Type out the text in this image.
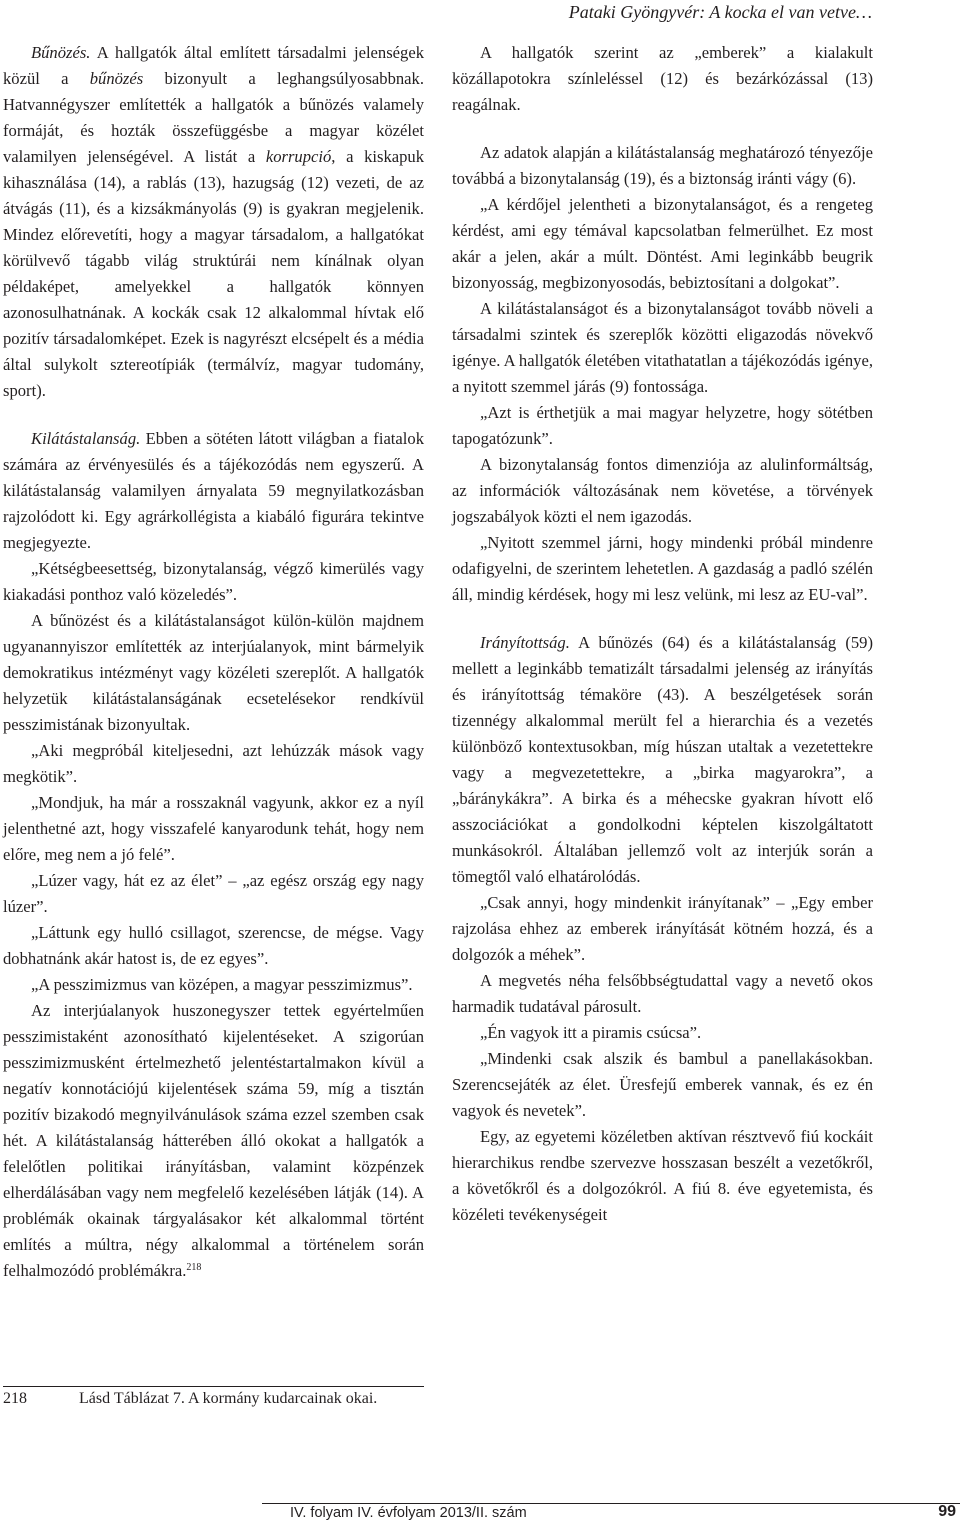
Pataki Gyöngyvér: A kocka el van vetve…

Bűnözés. A hallgatók által említett társadalmi jelenségek közül a bűnözés bizonyult a leghangsúlyosabbnak. Hatvannégyszer említették a hallgatók a bűnözés valamely formáját, és hozták összefüggésbe a magyar közélet valamilyen jelenségével. A listát a korrupció, a kiskapuk kihasználása (14), a rablás (13), hazugság (12) vezeti, de az átvágás (11), és a kizsákmányolás (9) is gyakran megjelenik. Mindez előrevetíti, hogy a magyar társadalom, a hallgatókat körülvevő tágabb világ struktúrái nem kínálnak olyan példaképet, amelyekkel a hallgatók könnyen azonosulhatnának. A kockák csak 12 alkalommal hívtak elő pozitív társadalomképet. Ezek is nagyrészt elcsépelt és a média által sulykolt sztereotípiák (termálvíz, magyar tudomány, sport).

Kilátástalanság. Ebben a sötéten látott világban a fiatalok számára az érvényesülés és a tájékozódás nem egyszerű. A kilátástalanság valamilyen árnyalata 59 megnyilatkozásban rajzolódott ki. Egy agrárkollégista a kiabáló figurára tekintve megjegyezte.

„Kétségbeesettség, bizonytalanság, végző kimerülés vagy kiakadási ponthoz való közeledés”.

A bűnözést és a kilátástalanságot külön-külön majdnem ugyanannyiszor említették az interjúalanyok, mint bármelyik demokratikus intézményt vagy közéleti szereplőt. A hallgatók helyzetük kilátástalanságának ecsetelésekor rendkívül pesszimistának bizonyultak.

„Aki megpróbál kiteljesedni, azt lehúzzák mások vagy megkötik”.

„Mondjuk, ha már a rosszaknál vagyunk, akkor ez a nyíl jelenthetné azt, hogy visszafelé kanyarodunk tehát, hogy nem előre, meg nem a jó felé”.

„Lúzer vagy, hát ez az élet” – „az egész ország egy nagy lúzer”.

„Láttunk egy hulló csillagot, szerencse, de mégse. Vagy dobhatnánk akár hatost is, de ez egyes”.

„A pesszimizmus van középen, a magyar pesszimizmus”.

Az interjúalanyok huszonegyszer tettek egyértelműen pesszimistaként azonosítható kijelentéseket. A szigorúan pesszimizmusként értelmezhető jelentéstartalmakon kívül a negatív konnotációjú kijelentések száma 59, míg a tisztán pozitív bizakodó megnyilvánulások száma ezzel szemben csak hét. A kilátástalanság hátterében álló okokat a hallgatók a felelőtlen politikai irányításban, valamint közpénzek elherdálásában vagy nem megfelelő kezelésében látják (14). A problémák okainak tárgyalásakor két alkalommal történt említés a múltra, négy alkalommal a történelem során felhalmozódó problémákra.$^{218}$

218	Lásd Táblázat 7. A kormány kudarcainak okai.

A hallgatók szerint az „emberek” a kialakult közállapotokra színleléssel (12) és bezárkózással (13) reagálnak.

Az adatok alapján a kilátástalanság meghatározó tényezője továbbá a bizonytalanság (19), és a biztonság iránti vágy (6).

„A kérdőjel jelentheti a bizonytalanságot, és a rengeteg kérdést, ami egy témával kapcsolatban felmerülhet. Ez most akár a jelen, akár a múlt. Döntést. Ami leginkább beugrik bizonyosság, megbizonyosodás, bebiztosítani a dolgokat”.

A kilátástalanságot és a bizonytalanságot tovább növeli a társadalmi szintek és szereplők közötti eligazodás növekvő igénye. A hallgatók életében vitathatatlan a tájékozódás igénye, a nyitott szemmel járás (9) fontossága.

„Azt is érthetjük a mai magyar helyzetre, hogy sötétben tapogatózunk”.

A bizonytalanság fontos dimenziója az alulinformáltság, az információk változásának nem követése, a törvények jogszabályok közti el nem igazodás.

„Nyitott szemmel járni, hogy mindenki próbál mindenre odafigyelni, de szerintem lehetetlen. A gazdaság a padló szélén áll, mindig kérdések, hogy mi lesz velünk, mi lesz az EU-val”.

Irányítottság. A bűnözés (64) és a kilátástalanság (59) mellett a leginkább tematizált társadalmi jelenség az irányítás és irányítottság témaköre (43). A beszélgetések során tizennégy alkalommal merült fel a hierarchia és a vezetés különböző kontextusokban, míg húszan utaltak a vezetettekre vagy a megvezetettekre, a „birka magyarokra”, a „báránykákra”. A birka és a méhecske gyakran hívott elő asszociációkat a gondolkodni képtelen kiszolgáltatott munkásokról. Általában jellemző volt az interjúk során a tömegtől való elhatárolódás.

„Csak annyi, hogy mindenkit irányítanak” – „Egy ember rajzolása ehhez az emberek irányítását kötném hozzá, és a dolgozók a méhek”.

A megvetés néha felsőbbségtudattal vagy a nevető okos harmadik tudatával párosult.

„Én vagyok itt a piramis csúcsa”.

„Mindenki csak alszik és bambul a panellakásokban. Szerencsejáték az élet. Üresfejű emberek vannak, és ez én vagyok és nevetek”.

Egy, az egyetemi közéletben aktívan résztvevő fiú kockáit hierarchikus rendbe szervezve hosszasan beszélt a vezetőkről, a követőkről és a dolgozókról. A fiú 8. éve egyetemista, és közéleti tevékenységeit

IV. folyam IV. évfolyam 2013/II. szám	99
